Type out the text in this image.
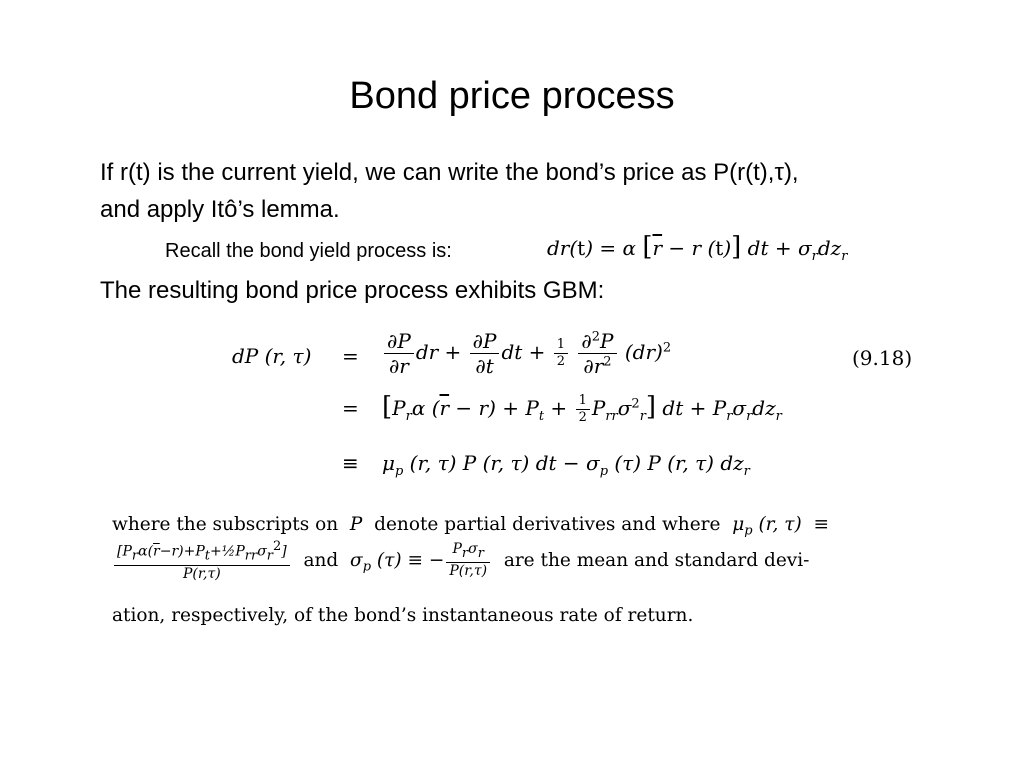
Bond price process
If r(t) is the current yield, we can write the bond’s price as P(r(t),τ),
and apply Itô’s lemma.
Recall the bond yield process is:	dr(t) = α [$\overline{r} - r$ (t)] dt + $\sigma_rdz_r$
The resulting bond price process exhibits GBM:
dP (r, $\tau) = \frac{\partial P}{\partial r}$ dr + $\frac{\partial P}{\partial t}$ dt + $\frac{1}{2}$
$\frac{\partial^2P}{\partial r^2} (dr)^2$	(9.18)
= [$P_r\alpha$ $(\overline{r} - r) + P_t + \frac{1}{2} P_{rr}\sigma^2_r$] dt + $P_r\sigma_rdz_r$
≡ $\mu_p$ (r, τ) P (r, τ) dt − $\sigma_p$ (τ) P (r, τ) $dz_r$
where the subscripts on  P  denote partial derivatives and where  $\mu_p$ (r, τ)  ≡
$\frac{[P_r\alpha(\overline{r}-r)+P_t+\frac{1}{2}P_{rr}\sigma_r^2]}{P(r,\tau)}$ and  $\sigma_p$ (τ) ≡ − $\frac{P_r\sigma_r}{P(r,\tau)}$ are the mean and standard devi-
ation, respectively, of the bond’s instantaneous rate of return.
